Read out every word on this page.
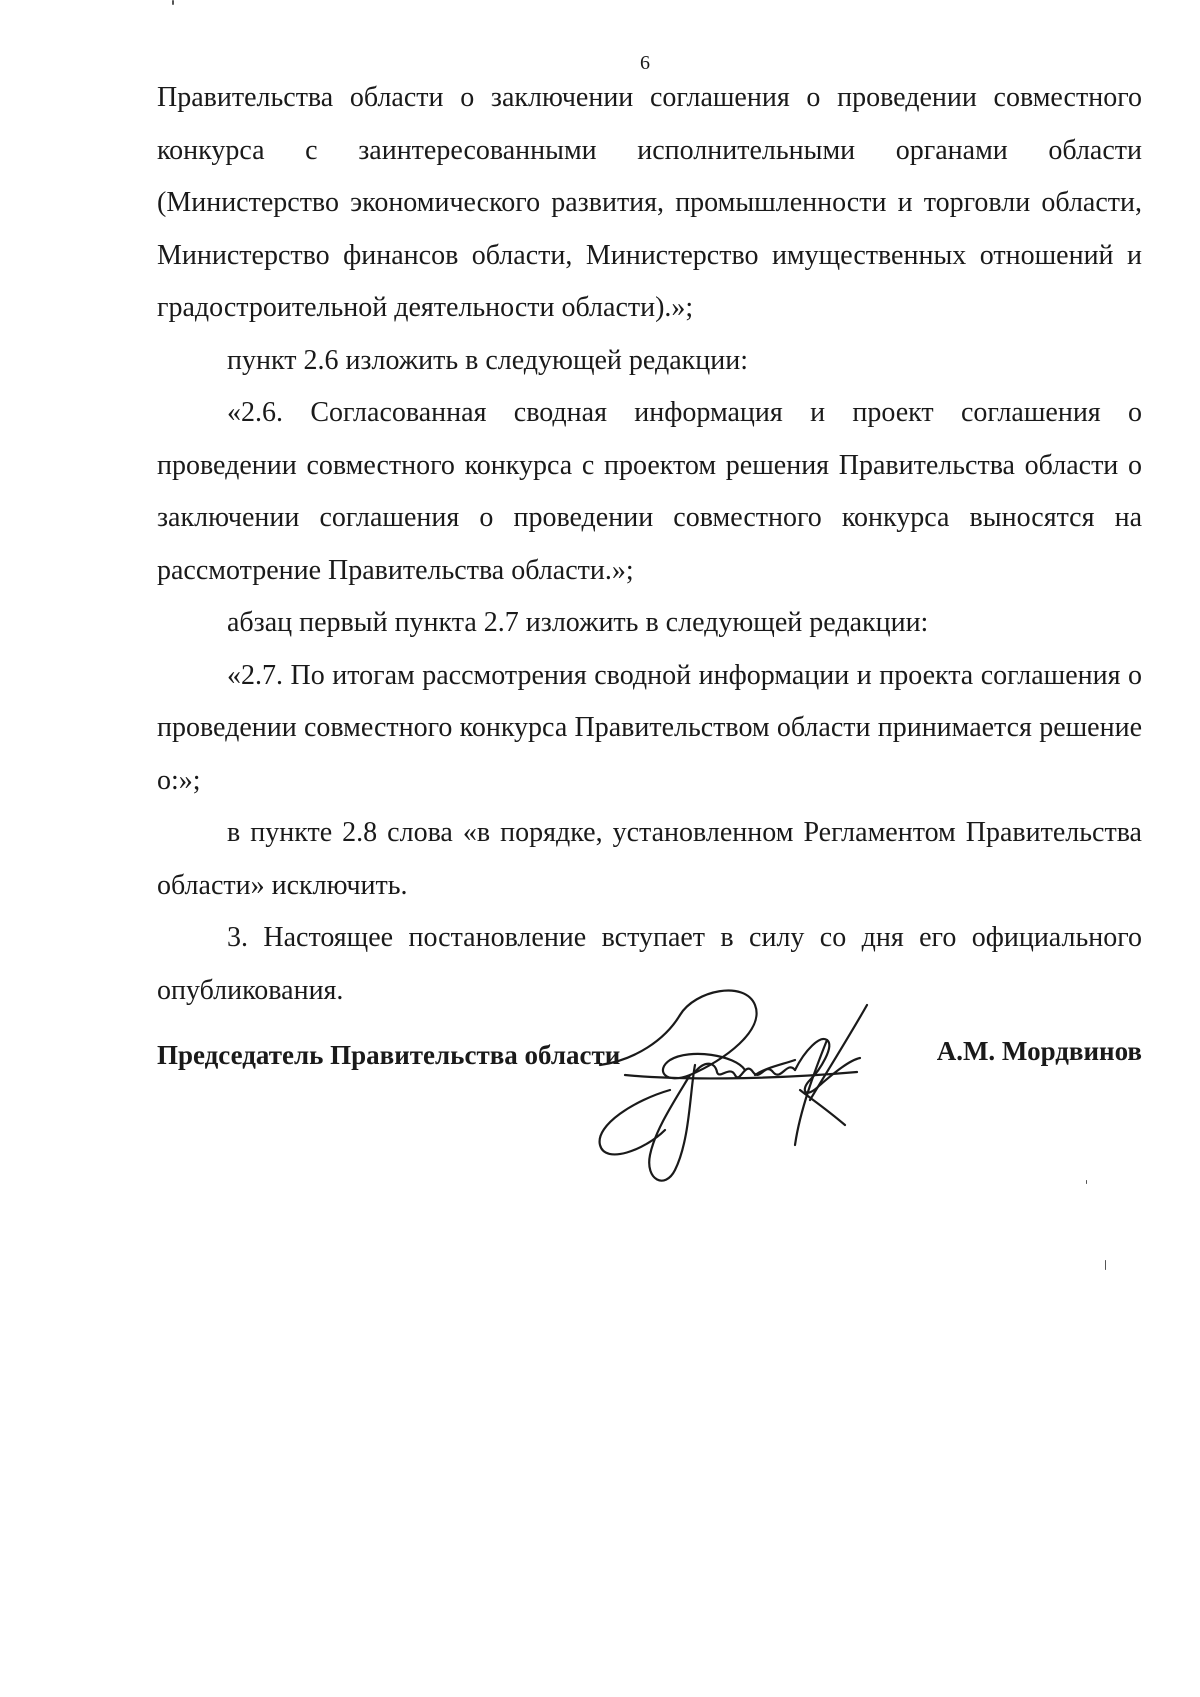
6

Правительства области о заключении соглашения о проведении совместного конкурса с заинтересованными исполнительными органами области (Министерство экономического развития, промышленности и торговли области, Министерство финансов области, Министерство имущественных отношений и градостроительной деятельности области).»;

пункт 2.6 изложить в следующей редакции:

«2.6. Согласованная сводная информация и проект соглашения о проведении совместного конкурса с проектом решения Правительства области о заключении соглашения о проведении совместного конкурса выносятся на рассмотрение Правительства области.»;

абзац первый пункта 2.7 изложить в следующей редакции:

«2.7. По итогам рассмотрения сводной информации и проекта соглашения о проведении совместного конкурса Правительством области принимается решение о:»;

в пункте 2.8 слова «в порядке, установленном Регламентом Правительства области» исключить.

3. Настоящее постановление вступает в силу со дня его официального опубликования.

Председатель Правительства области	А.М. Мордвинов
